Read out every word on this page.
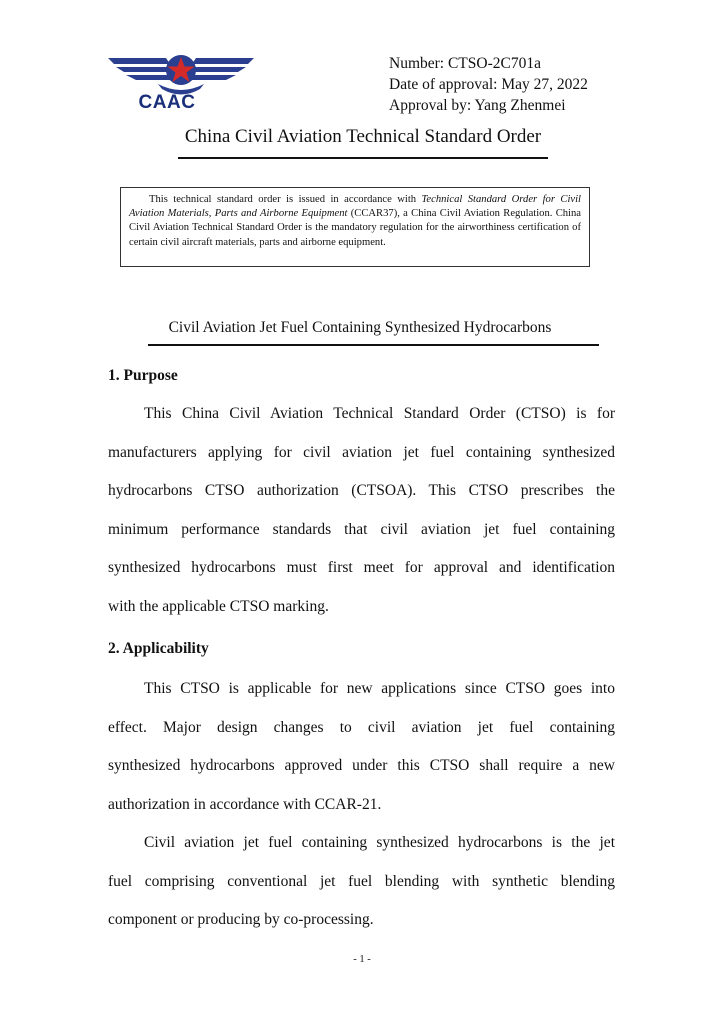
CAAC
Number: CTSO-2C701a
Date of approval: May 27, 2022
Approval by: Yang Zhenmei
China Civil Aviation Technical Standard Order

This technical standard order is issued in accordance with Technical Standard Order for Civil Aviation Materials, Parts and Airborne Equipment (CCAR37), a China Civil Aviation Regulation. China Civil Aviation Technical Standard Order is the mandatory regulation for the airworthiness certification of certain civil aircraft materials, parts and airborne equipment.

Civil Aviation Jet Fuel Containing Synthesized Hydrocarbons
1. Purpose
This China Civil Aviation Technical Standard Order (CTSO) is for
manufacturers applying for civil aviation jet fuel containing synthesized
hydrocarbons CTSO authorization (CTSOA). This CTSO prescribes the
minimum performance standards that civil aviation jet fuel containing
synthesized hydrocarbons must first meet for approval and identification
with the applicable CTSO marking.
2. Applicability
This CTSO is applicable for new applications since CTSO goes into
effect. Major design changes to civil aviation jet fuel containing
synthesized hydrocarbons approved under this CTSO shall require a new
authorization in accordance with CCAR-21.
Civil aviation jet fuel containing synthesized hydrocarbons is the jet
fuel comprising conventional jet fuel blending with synthetic blending
component or producing by co-processing.
- 1 -
